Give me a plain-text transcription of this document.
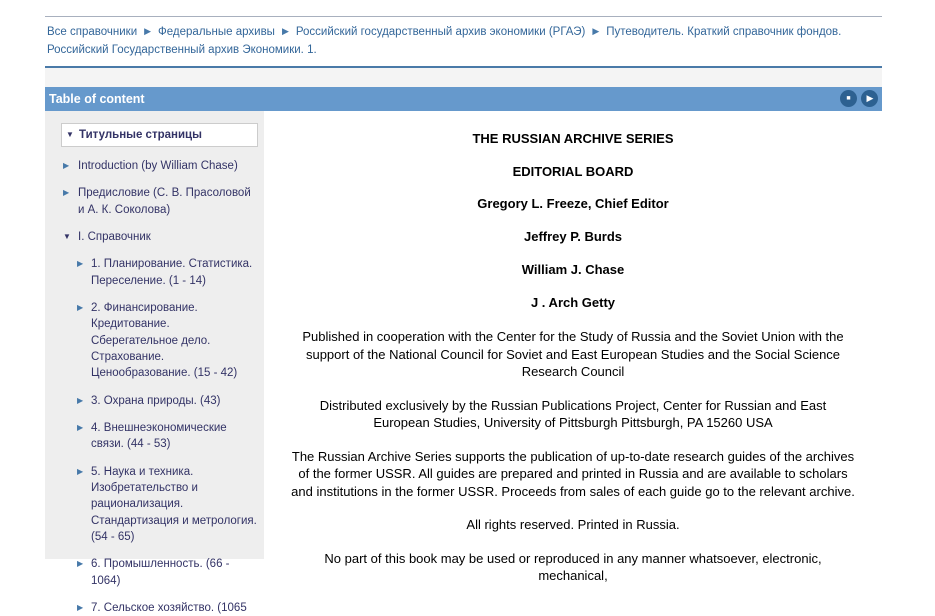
Все справочники ▶ Федеральные архивы ▶ Российский государственный архив экономики (РГАЭ) ▶ Путеводитель. Краткий справочник фондов. Российский Государственный архив Экономики. 1.
Table of content	■ ▶
▼ Титульные страницы
▶ Introduction (by William Chase)
▶ Предисловие (С. В. Прасоловой и А. К. Соколова)
▼ I. Справочник
▶ 1. Планирование. Статистика. Переселение. (1 - 14)
▶ 2. Финансирование. Кредитование. Сберегательное дело. Страхование. Ценообразование. (15 - 42)
▶ 3. Охрана природы. (43)
▶ 4. Внешнеэкономические связи. (44 - 53)
▶ 5. Наука и техника. Изобретательство и рационализация. Стандартизация и метрология. (54 - 65)
▶ 6. Промышленность. (66 - 1064)
▶ 7. Сельское хозяйство. (1065

THE RUSSIAN ARCHIVE SERIES

EDITORIAL BOARD

Gregory L. Freeze, Chief Editor

Jeffrey P. Burds

William J. Chase

J . Arch Getty

Published in cooperation with the Center for the Study of Russia and the Soviet Union with the support of the National Council for Soviet and East European Studies and the Social Science Research Council

Distributed exclusively by the Russian Publications Project, Center for Russian and East European Studies, University of Pittsburgh Pittsburgh, PA 15260 USA

The Russian Archive Series supports the publication of up-to-date research guides of the archives of the former USSR. All guides are prepared and printed in Russia and are available to scholars and institutions in the former USSR. Proceeds from sales of each guide go to the relevant archive.

All rights reserved. Printed in Russia.

No part of this book may be used or reproduced in any manner whatsoever, electronic, mechanical,
